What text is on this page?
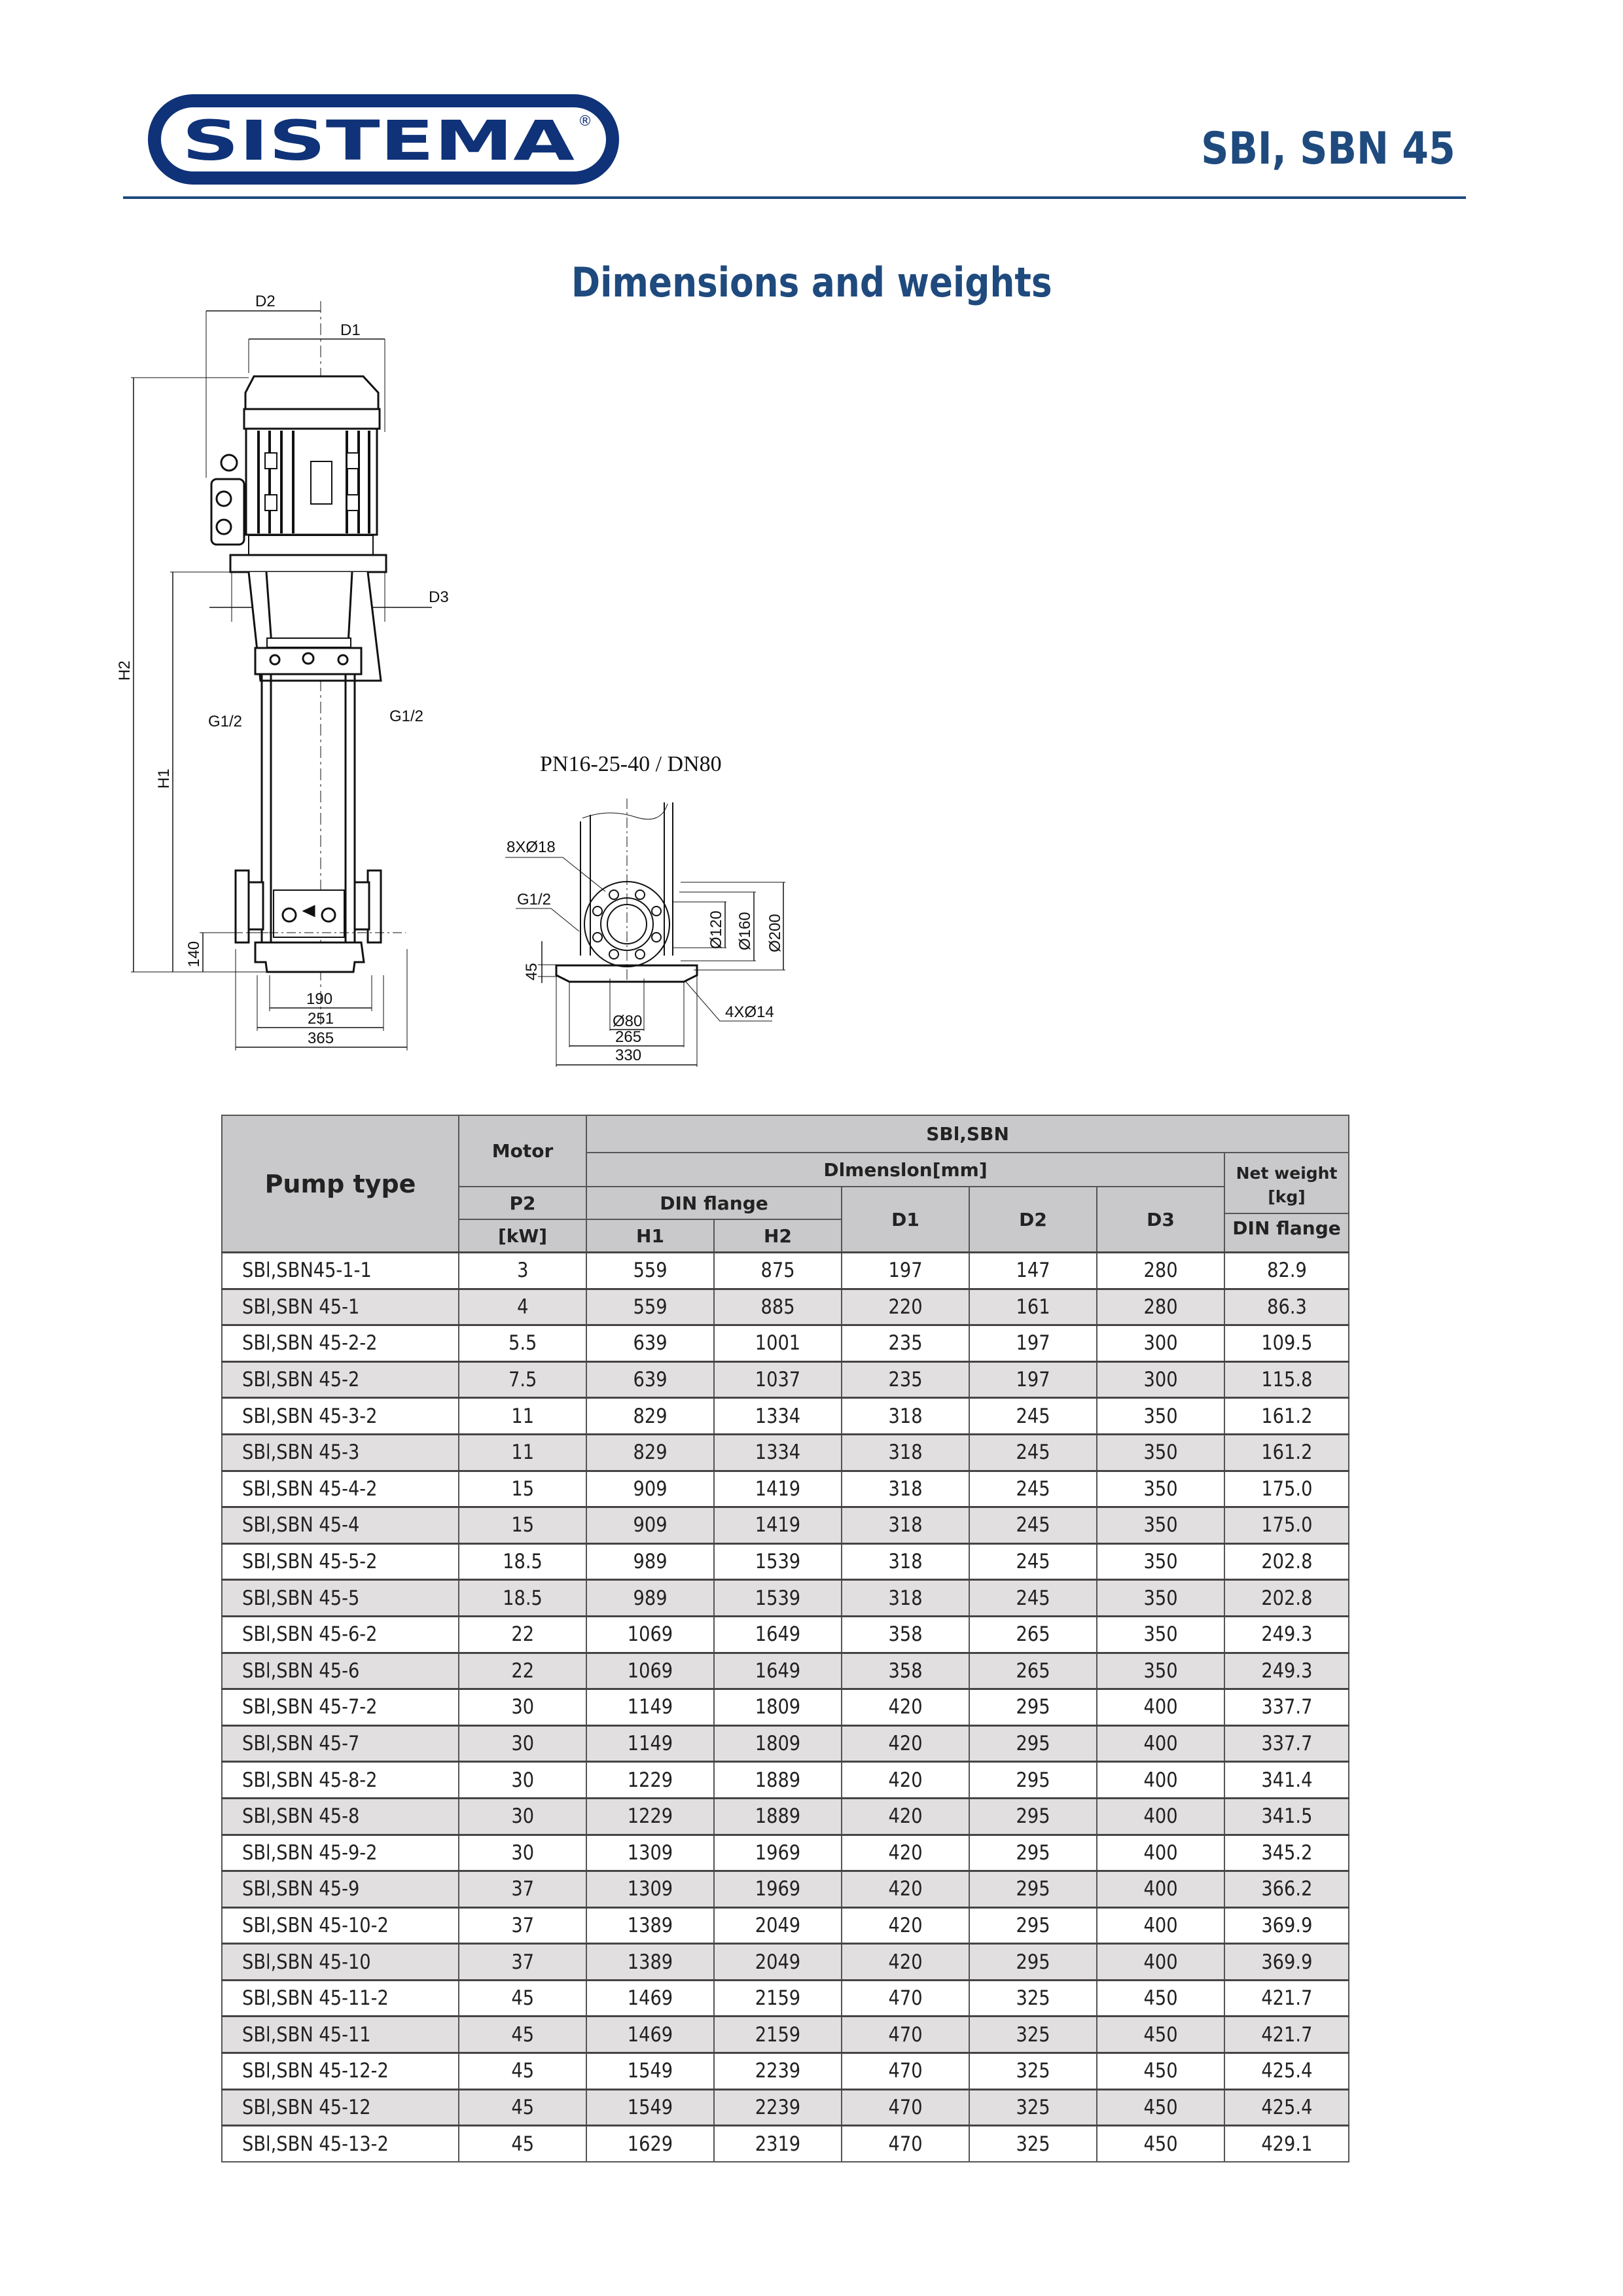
SISTEMA ®
SBI, SBN 45
Dimensions and weights
D2
D1
D3
H2
H1
G1/2	G1/2
140
190
251
365
PN16-25-40 / DN80
8XØ18
G1/2
Ø120 Ø160 Ø200
45
Ø80
4XØ14
265
330
Pump type	Motor	SBl,SBN					
		Dlmenslon[mm]					Net weight
[kg]
DIN flange

	P2	DIN flange		D1	D2	D3	
	[kW]	H1	H2				
SBl,SBN45-1-1	3	559	875	197	147	280	82.9
SBl,SBN 45-1	4	559	885	220	161	280	86.3
SBl,SBN 45-2-2	5.5	639	1001	235	197	300	109.5
SBl,SBN 45-2	7.5	639	1037	235	197	300	115.8
SBl,SBN 45-3-2	11	829	1334	318	245	350	161.2
SBl,SBN 45-3	11	829	1334	318	245	350	161.2
SBl,SBN 45-4-2	15	909	1419	318	245	350	175.0
SBl,SBN 45-4	15	909	1419	318	245	350	175.0
SBl,SBN 45-5-2	18.5	989	1539	318	245	350	202.8
SBl,SBN 45-5	18.5	989	1539	318	245	350	202.8
SBl,SBN 45-6-2	22	1069	1649	358	265	350	249.3
SBl,SBN 45-6	22	1069	1649	358	265	350	249.3
SBl,SBN 45-7-2	30	1149	1809	420	295	400	337.7
SBl,SBN 45-7	30	1149	1809	420	295	400	337.7
SBl,SBN 45-8-2	30	1229	1889	420	295	400	341.4
SBl,SBN 45-8	30	1229	1889	420	295	400	341.5
SBl,SBN 45-9-2	30	1309	1969	420	295	400	345.2
SBl,SBN 45-9	37	1309	1969	420	295	400	366.2
SBl,SBN 45-10-2	37	1389	2049	420	295	400	369.9
SBl,SBN 45-10	37	1389	2049	420	295	400	369.9
SBl,SBN 45-11-2	45	1469	2159	470	325	450	421.7
SBl,SBN 45-11	45	1469	2159	470	325	450	421.7
SBl,SBN 45-12-2	45	1549	2239	470	325	450	425.4
SBl,SBN 45-12	45	1549	2239	470	325	450	425.4
SBl,SBN 45-13-2	45	1629	2319	470	325	450	429.1
